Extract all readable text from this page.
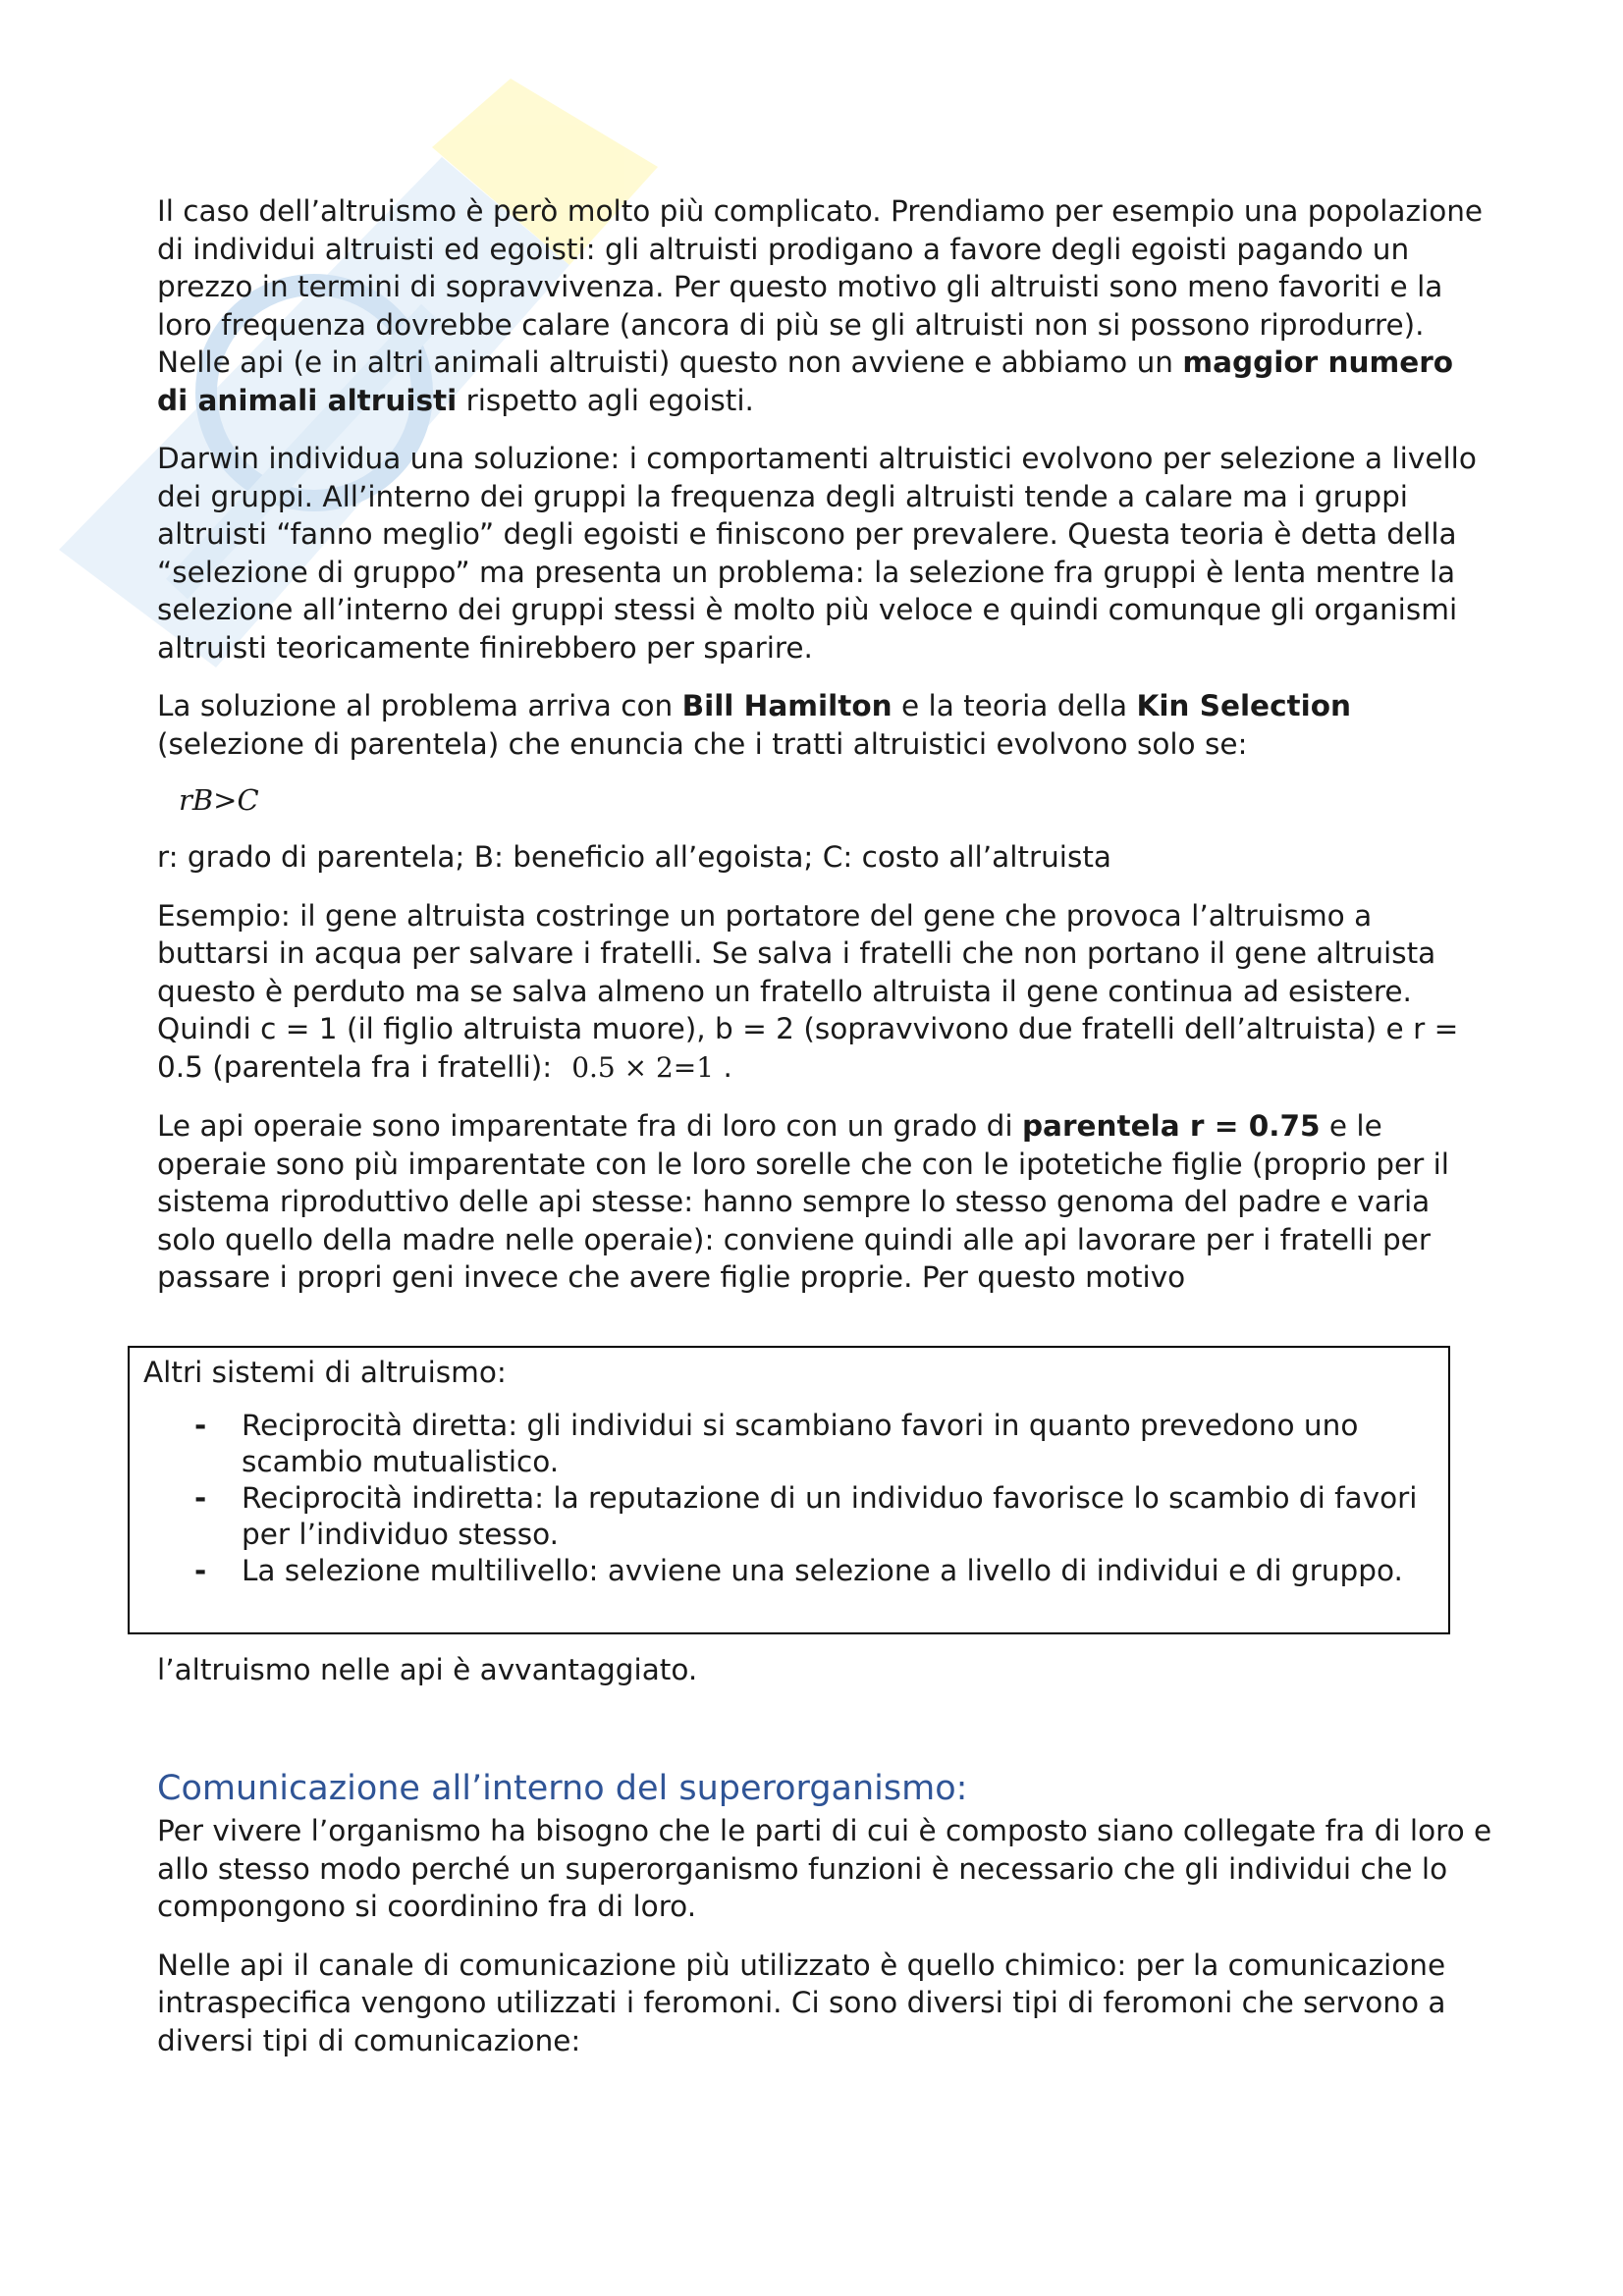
Il caso dell’altruismo è però molto più complicato. Prendiamo per esempio una popolazione di individui altruisti ed egoisti: gli altruisti prodigano a favore degli egoisti pagando un prezzo in termini di sopravvivenza. Per questo motivo gli altruisti sono meno favoriti e la loro frequenza dovrebbe calare (ancora di più se gli altruisti non si possono riprodurre). Nelle api (e in altri animali altruisti) questo non avviene e abbiamo un maggior numero di animali altruisti rispetto agli egoisti.

Darwin individua una soluzione: i comportamenti altruistici evolvono per selezione a livello dei gruppi. All’interno dei gruppi la frequenza degli altruisti tende a calare ma i gruppi altruisti “fanno meglio” degli egoisti e finiscono per prevalere. Questa teoria è detta della “selezione di gruppo” ma presenta un problema: la selezione fra gruppi è lenta mentre la selezione all’interno dei gruppi stessi è molto più veloce e quindi comunque gli organismi altruisti teoricamente finirebbero per sparire.

La soluzione al problema arriva con Bill Hamilton e la teoria della Kin Selection (selezione di parentela) che enuncia che i tratti altruistici evolvono solo se:

rB>C

r: grado di parentela; B: beneficio all’egoista; C: costo all’altruista

Esempio: il gene altruista costringe un portatore del gene che provoca l’altruismo a buttarsi in acqua per salvare i fratelli. Se salva i fratelli che non portano il gene altruista questo è perduto ma se salva almeno un fratello altruista il gene continua ad esistere. Quindi c = 1 (il figlio altruista muore), b = 2 (sopravvivono due fratelli dell’altruista) e r = 0.5 (parentela fra i fratelli): 0.5 × 2=1 .

Le api operaie sono imparentate fra di loro con un grado di parentela r = 0.75 e le operaie sono più imparentate con le loro sorelle che con le ipotetiche figlie (proprio per il sistema riproduttivo delle api stesse: hanno sempre lo stesso genoma del padre e varia solo quello della madre nelle operaie): conviene quindi alle api lavorare per i fratelli per passare i propri geni invece che avere figlie proprie. Per questo motivo

Altri sistemi di altruismo:
- Reciprocità diretta: gli individui si scambiano favori in quanto prevedono uno scambio mutualistico.
- Reciprocità indiretta: la reputazione di un individuo favorisce lo scambio di favori per l’individuo stesso.
- La selezione multilivello: avviene una selezione a livello di individui e di gruppo.

l’altruismo nelle api è avvantaggiato.

Comunicazione all’interno del superorganismo:

Per vivere l’organismo ha bisogno che le parti di cui è composto siano collegate fra di loro e allo stesso modo perché un superorganismo funzioni è necessario che gli individui che lo compongono si coordinino fra di loro.

Nelle api il canale di comunicazione più utilizzato è quello chimico: per la comunicazione intraspecifica vengono utilizzati i feromoni. Ci sono diversi tipi di feromoni che servono a diversi tipi di comunicazione:
